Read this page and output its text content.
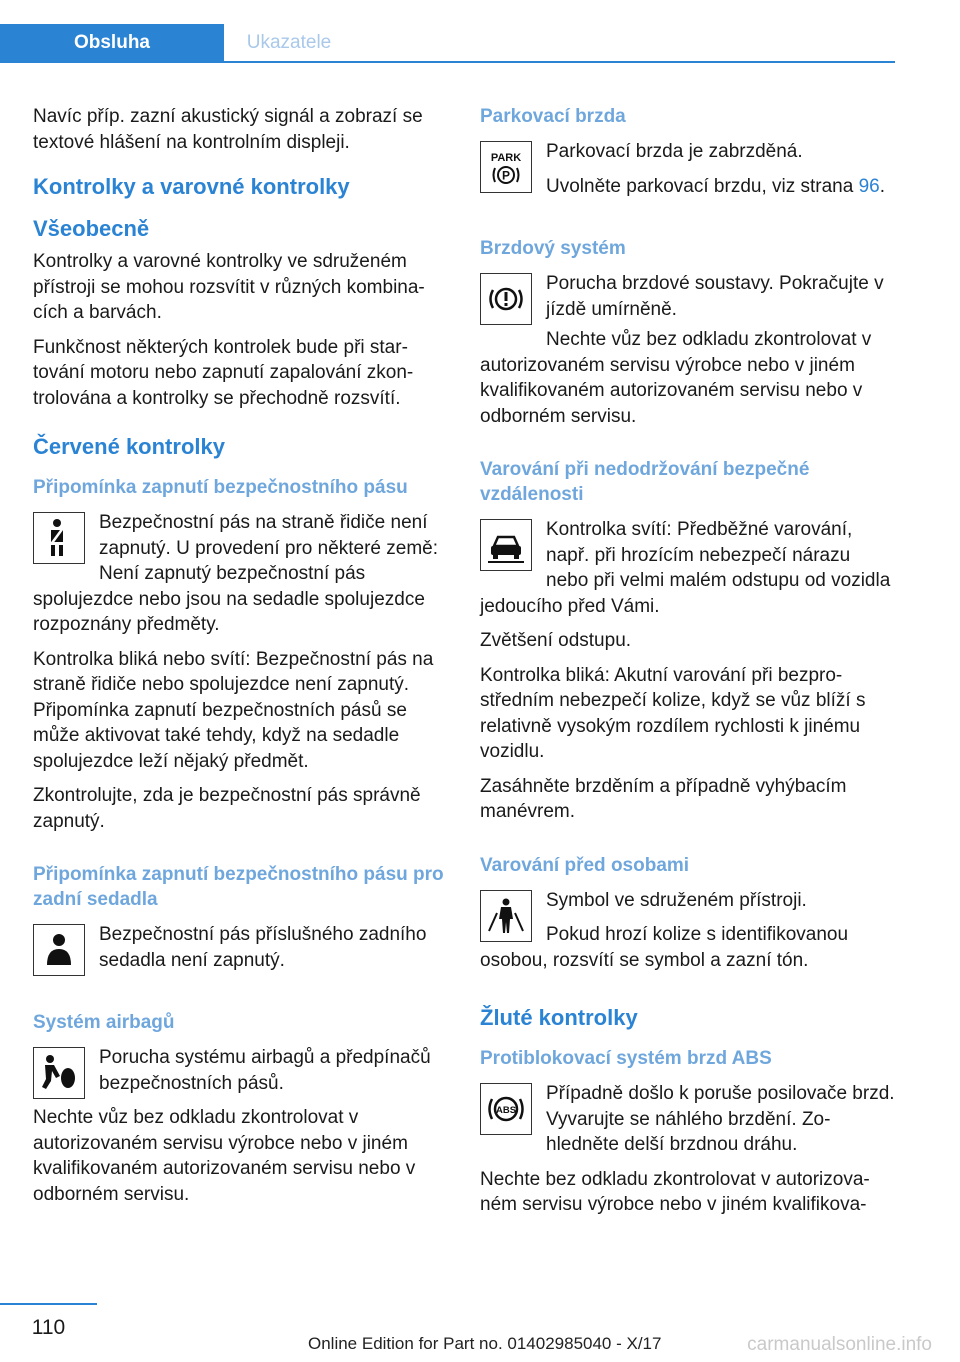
Obsluha	Ukazatele

Navíc příp. zazní akustický signál a zobrazí se textové hlášení na kontrolním displeji.

Kontrolky a varovné kontrolky
Všeobecně

Kontrolky a varovné kontrolky ve sdruženém přístroji se mohou rozsvítit v různých kombina-cích a barvách.

Funkčnost některých kontrolek bude při star-tování motoru nebo zapnutí zapalování zkon-trolována a kontrolky se přechodně rozsvítí.

Červené kontrolky
Připomínka zapnutí bezpečnostního pásu

Bezpečnostní pás na straně řidiče není zapnutý. U provedení pro některé země: Není zapnutý bezpečnostní pás spolujezdce nebo jsou na sedadle spolujezdce rozpoznány předměty.

Kontrolka bliká nebo svítí: Bezpečnostní pás na straně řidiče nebo spolujezdce není zapnutý. Připomínka zapnutí bezpečnostních pásů se může aktivovat také tehdy, když na sedadle spolujezdce leží nějaký předmět.

Zkontrolujte, zda je bezpečnostní pás správně zapnutý.

Připomínka zapnutí bezpečnostního pásu pro zadní sedadla

Bezpečnostní pás příslušného zadního sedadla není zapnutý.

Systém airbagů

Porucha systému airbagů a předpínačů bezpečnostních pásů.

Nechte vůz bez odkladu zkontrolovat v autorizovaném servisu výrobce nebo v jiném kvalifikovaném autorizovaném servisu nebo v odborném servisu.

Parkovací brzda
PARK
P

Parkovací brzda je zabrzděná.

Uvolněte parkovací brzdu, viz strana 96.

Brzdový systém

Porucha brzdové soustavy. Pokračujte v jízdě umírněně.

Nechte vůz bez odkladu zkontrolovat v autorizovaném servisu výrobce nebo v jiném kvalifikovaném autorizovaném servisu nebo v odborném servisu.

Varování při nedodržování bezpečné vzdálenosti

Kontrolka svítí: Předběžné varování, např. při hrozícím nebezpečí nárazu nebo při velmi malém odstupu od vozidla jedoucího před Vámi.

Zvětšení odstupu.

Kontrolka bliká: Akutní varování při bezpro-středním nebezpečí kolize, když se vůz blíží s relativně vysokým rozdílem rychlosti k jinému vozidlu.

Zasáhněte brzděním a případně vyhýbacím manévrem.

Varování před osobami

Symbol ve sdruženém přístroji.

Pokud hrozí kolize s identifikovanou osobou, rozsvítí se symbol a zazní tón.

Žluté kontrolky
Protiblokovací systém brzd ABS
ABS

Případně došlo k poruše posilovače brzd. Vyvarujte se náhlého brzdění. Zo-hledněte delší brzdnou dráhu.

Nechte bez odkladu zkontrolovat v autorizova-ném servisu výrobce nebo v jiném kvalifikova-

110
Online Edition for Part no. 01402985040 - X/17	carmanualsonline.info
